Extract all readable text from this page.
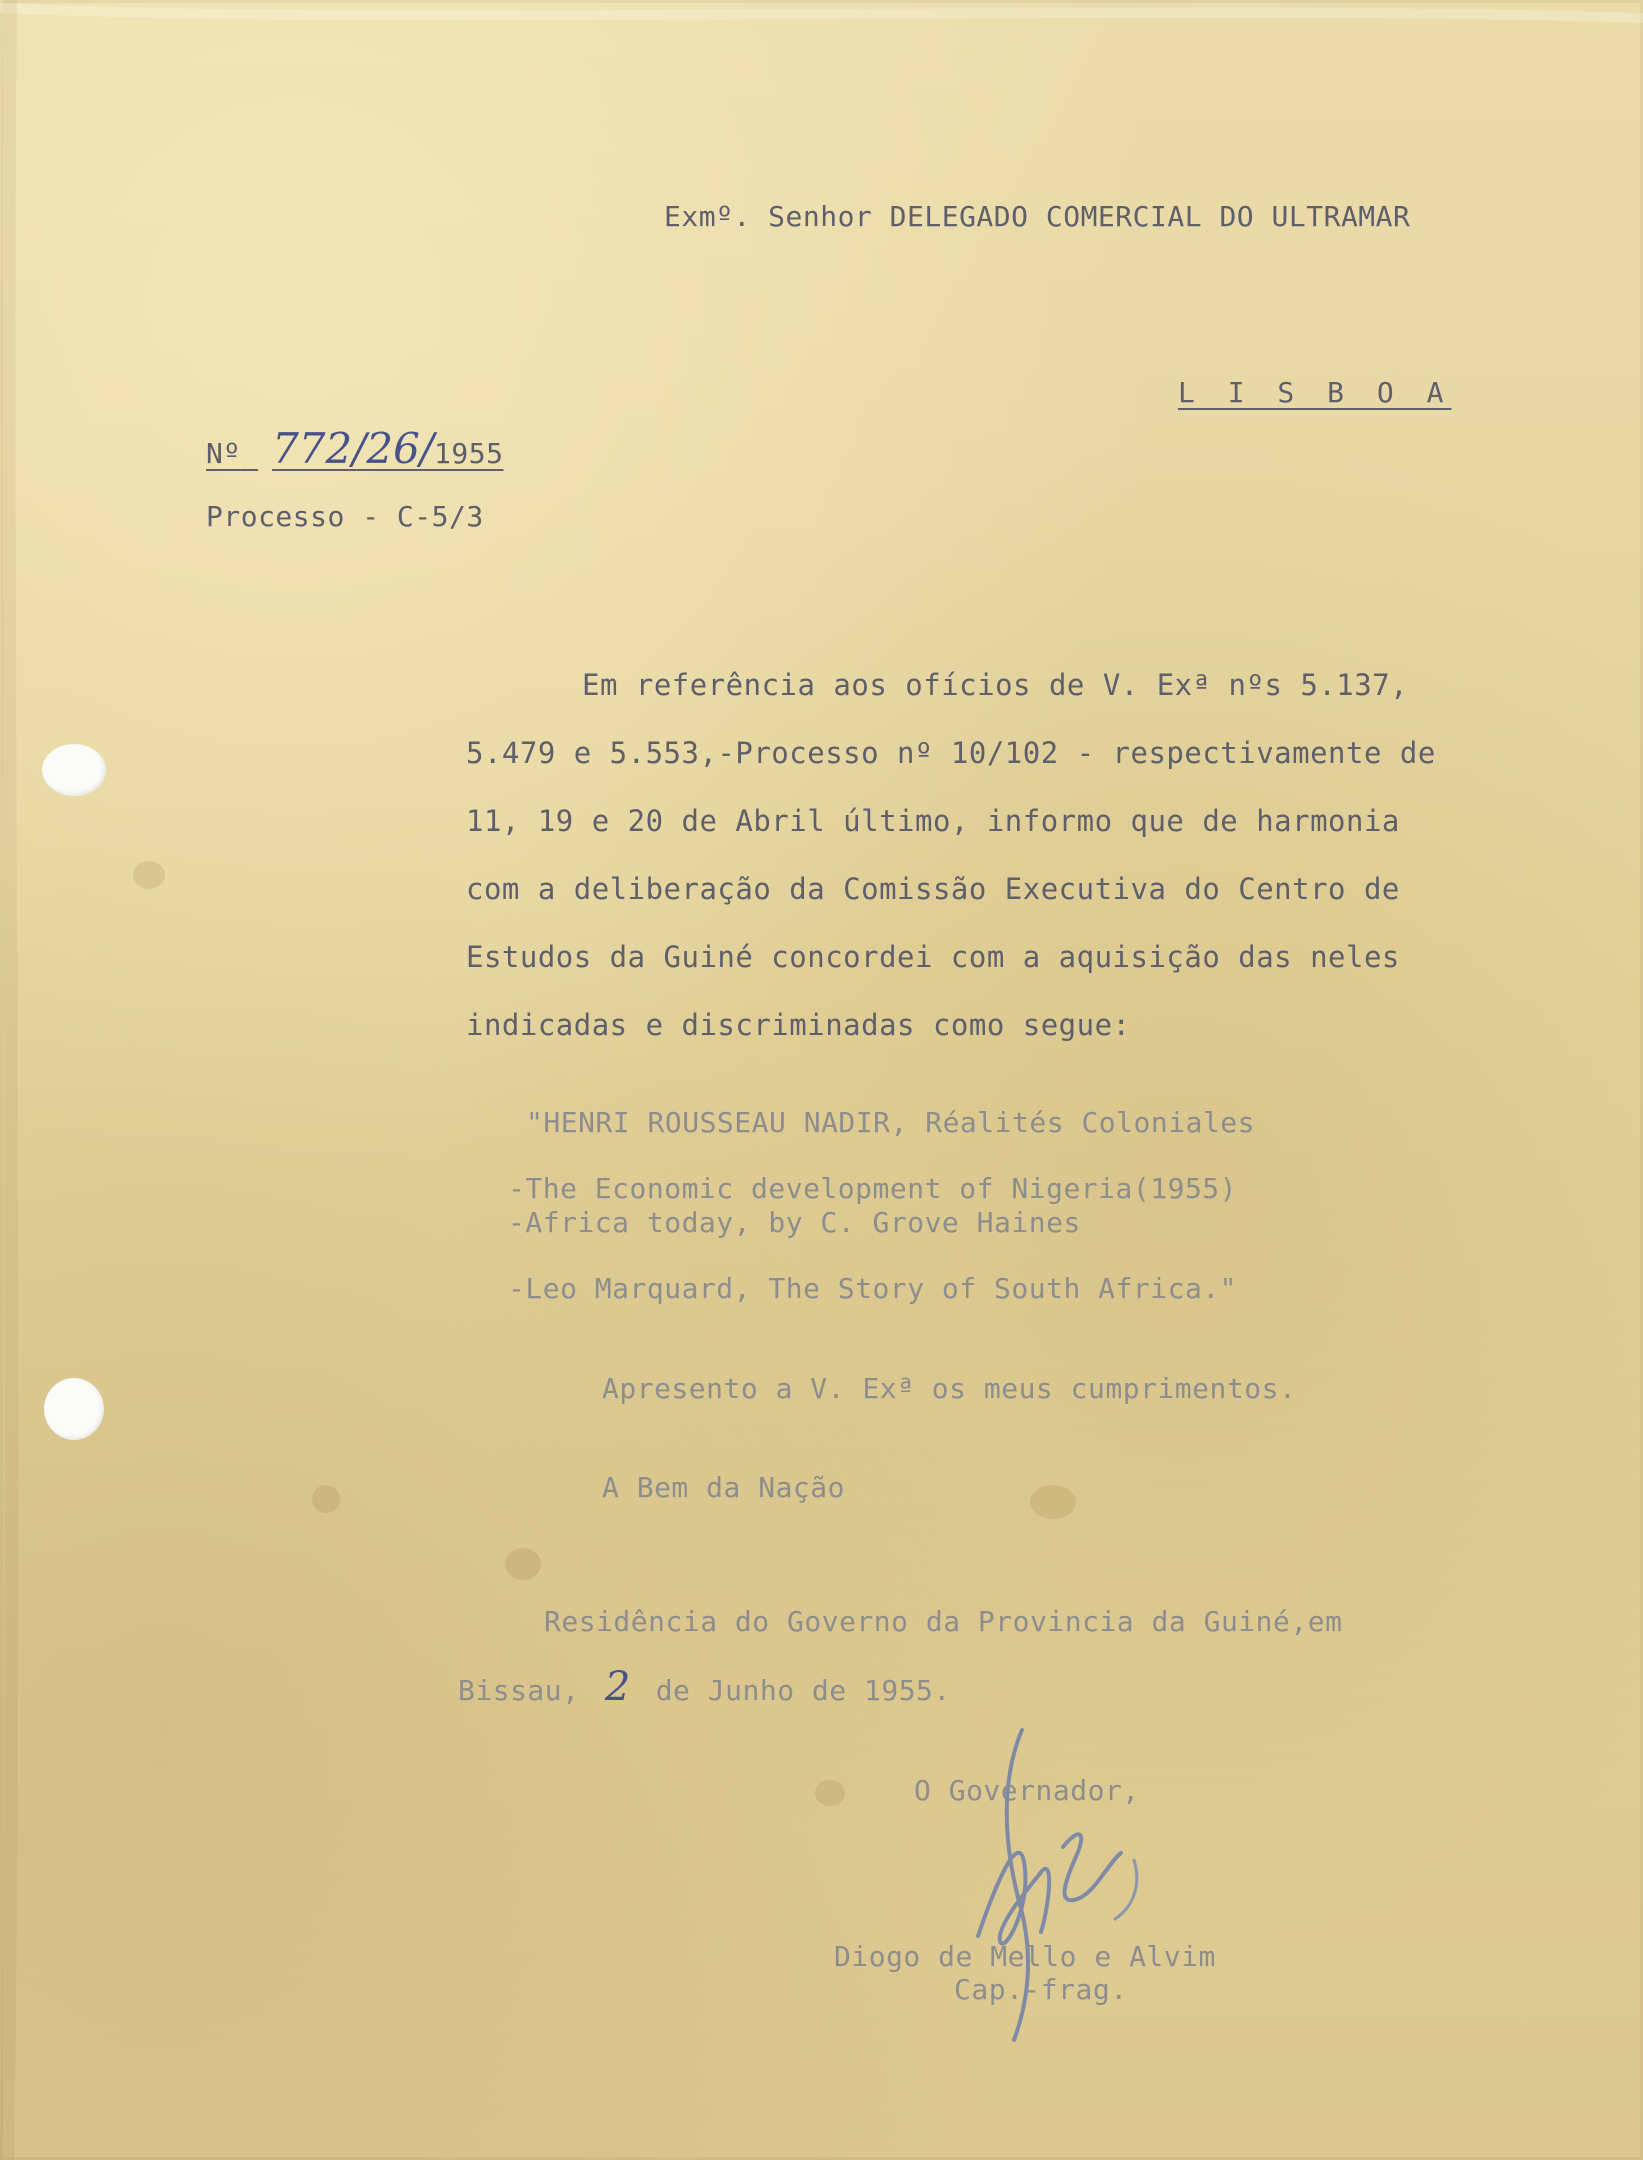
Exmº. Senhor DELEGADO COMERCIAL DO ULTRAMAR
L I S B O A
Nº 772/26/1955
Processo - C-5/3
Em referência aos ofícios de V. Exª nºs 5.137,
5.479 e 5.553,-Processo nº 10/102 - respectivamente de
11, 19 e 20 de Abril último, informo que de harmonia
com a deliberação da Comissão Executiva do Centro de
Estudos da Guiné concordei com a aquisição das neles
indicadas e discriminadas como segue:
"HENRI ROUSSEAU NADIR, Réalités Coloniales
-The Economic development of Nigeria(1955)
-Africa today, by C. Grove Haines
-Leo Marquard, The Story of South Africa."
Apresento a V. Exª os meus cumprimentos.
A Bem da Nação
Residência do Governo da Provincia da Guiné,em
Bissau, 2 de Junho de 1955.
O Governador,
Diogo de Mello e Alvim
Cap.-frag.
